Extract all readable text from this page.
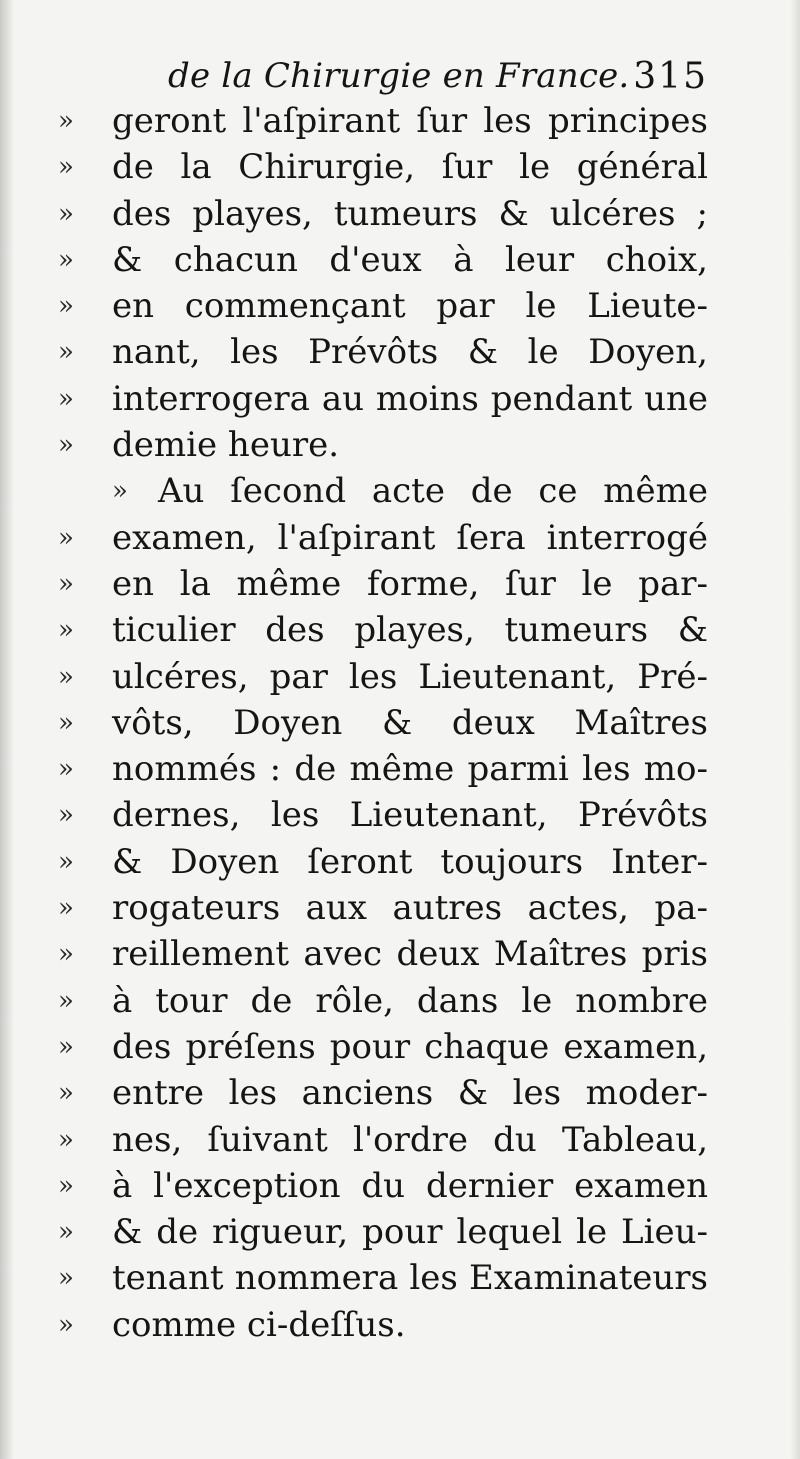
de la Chirurgie en France. 315
»	geront l'aſpirant ſur les principes
»	de la Chirurgie, ſur le général
»	des playes, tumeurs & ulcéres ;
»	& chacun d'eux à leur choix,
»	en commençant par le Lieute-
»	nant, les Prévôts & le Doyen,
»	interrogera au moins pendant une
»	demie heure.
» Au ſecond acte de ce même
»	examen, l'aſpirant ſera interrogé
»	en la même forme, ſur le par-
»	ticulier des playes, tumeurs &
»	ulcéres, par les Lieutenant, Pré-
»	vôts, Doyen & deux Maîtres
»	nommés : de même parmi les mo-
»	dernes, les Lieutenant, Prévôts
»	& Doyen ſeront toujours Inter-
»	rogateurs aux autres actes, pa-
»	reillement avec deux Maîtres pris
»	à tour de rôle, dans le nombre
»	des préſens pour chaque examen,
»	entre les anciens & les moder-
»	nes, ſuivant l'ordre du Tableau,
»	à l'exception du dernier examen
»	& de rigueur, pour lequel le Lieu-
»	tenant nommera les Examinateurs
»	comme ci-deſſus.
